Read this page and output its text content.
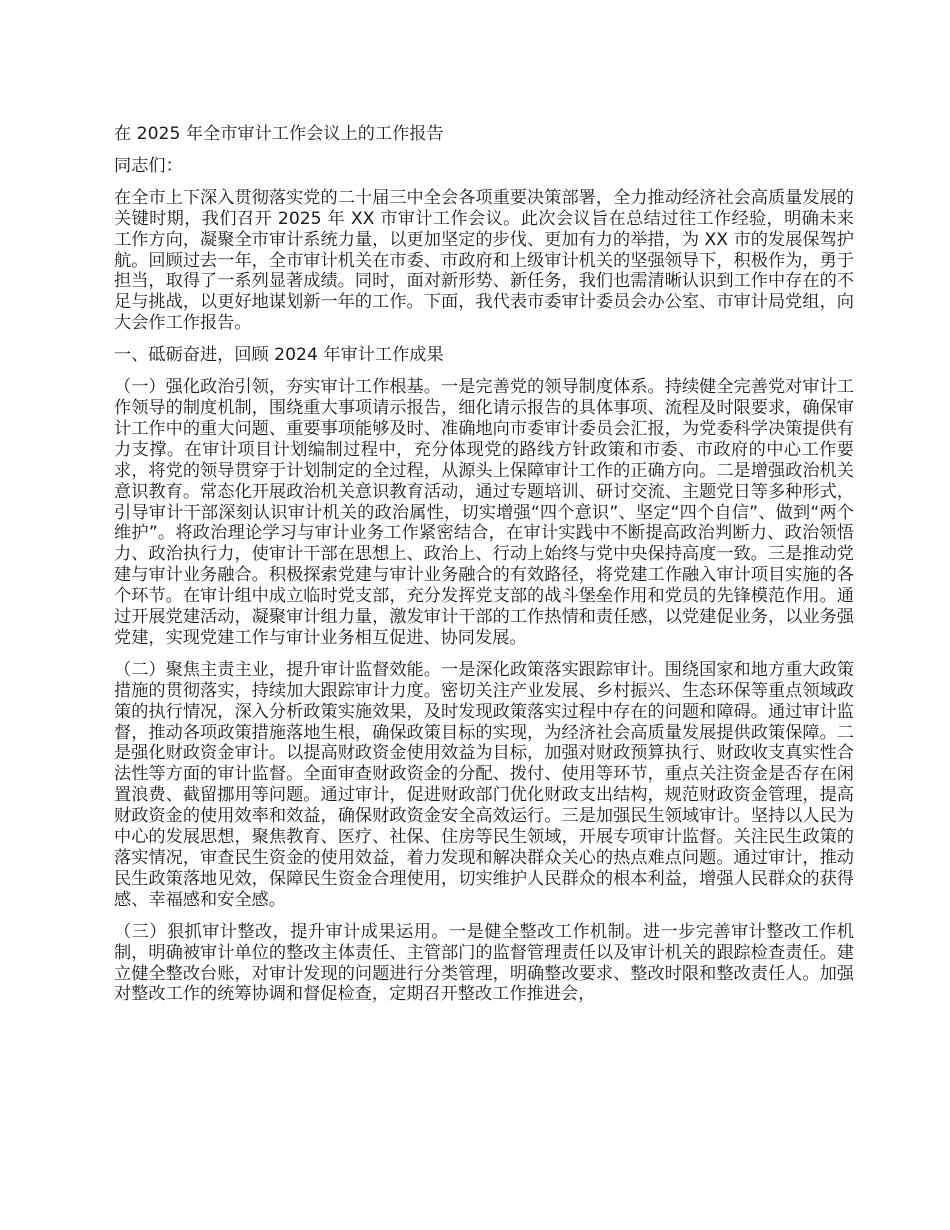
在 2025 年全市审计工作会议上的工作报告

同志们：

在全市上下深入贯彻落实党的二十届三中全会各项重要决策部署，全力推动经济社会高质量发展的关键时期，我们召开 2025 年 XX 市审计工作会议。此次会议旨在总结过往工作经验，明确未来工作方向，凝聚全市审计系统力量，以更加坚定的步伐、更加有力的举措，为 XX 市的发展保驾护航。回顾过去一年，全市审计机关在市委、市政府和上级审计机关的坚强领导下，积极作为，勇于担当，取得了一系列显著成绩。同时，面对新形势、新任务，我们也需清晰认识到工作中存在的不足与挑战，以更好地谋划新一年的工作。下面，我代表市委审计委员会办公室、市审计局党组，向大会作工作报告。

一、砥砺奋进，回顾 2024 年审计工作成果

（一）强化政治引领，夯实审计工作根基。一是完善党的领导制度体系。持续健全完善党对审计工作领导的制度机制，围绕重大事项请示报告，细化请示报告的具体事项、流程及时限要求，确保审计工作中的重大问题、重要事项能够及时、准确地向市委审计委员会汇报，为党委科学决策提供有力支撑。在审计项目计划编制过程中，充分体现党的路线方针政策和市委、市政府的中心工作要求，将党的领导贯穿于计划制定的全过程，从源头上保障审计工作的正确方向。二是增强政治机关意识教育。常态化开展政治机关意识教育活动，通过专题培训、研讨交流、主题党日等多种形式，引导审计干部深刻认识审计机关的政治属性，切实增强“四个意识”、坚定“四个自信”、做到“两个维护”。将政治理论学习与审计业务工作紧密结合，在审计实践中不断提高政治判断力、政治领悟力、政治执行力，使审计干部在思想上、政治上、行动上始终与党中央保持高度一致。三是推动党建与审计业务融合。积极探索党建与审计业务融合的有效路径，将党建工作融入审计项目实施的各个环节。在审计组中成立临时党支部，充分发挥党支部的战斗堡垒作用和党员的先锋模范作用。通过开展党建活动，凝聚审计组力量，激发审计干部的工作热情和责任感，以党建促业务，以业务强党建，实现党建工作与审计业务相互促进、协同发展。

（二）聚焦主责主业，提升审计监督效能。一是深化政策落实跟踪审计。围绕国家和地方重大政策措施的贯彻落实，持续加大跟踪审计力度。密切关注产业发展、乡村振兴、生态环保等重点领域政策的执行情况，深入分析政策实施效果，及时发现政策落实过程中存在的问题和障碍。通过审计监督，推动各项政策措施落地生根，确保政策目标的实现，为经济社会高质量发展提供政策保障。二是强化财政资金审计。以提高财政资金使用效益为目标，加强对财政预算执行、财政收支真实性合法性等方面的审计监督。全面审查财政资金的分配、拨付、使用等环节，重点关注资金是否存在闲置浪费、截留挪用等问题。通过审计，促进财政部门优化财政支出结构，规范财政资金管理，提高财政资金的使用效率和效益，确保财政资金安全高效运行。三是加强民生领域审计。坚持以人民为中心的发展思想，聚焦教育、医疗、社保、住房等民生领域，开展专项审计监督。关注民生政策的落实情况，审查民生资金的使用效益，着力发现和解决群众关心的热点难点问题。通过审计，推动民生政策落地见效，保障民生资金合理使用，切实维护人民群众的根本利益，增强人民群众的获得感、幸福感和安全感。

（三）狠抓审计整改，提升审计成果运用。一是健全整改工作机制。进一步完善审计整改工作机制，明确被审计单位的整改主体责任、主管部门的监督管理责任以及审计机关的跟踪检查责任。建立健全整改台账，对审计发现的问题进行分类管理，明确整改要求、整改时限和整改责任人。加强对整改工作的统筹协调和督促检查，定期召开整改工作推进会，
